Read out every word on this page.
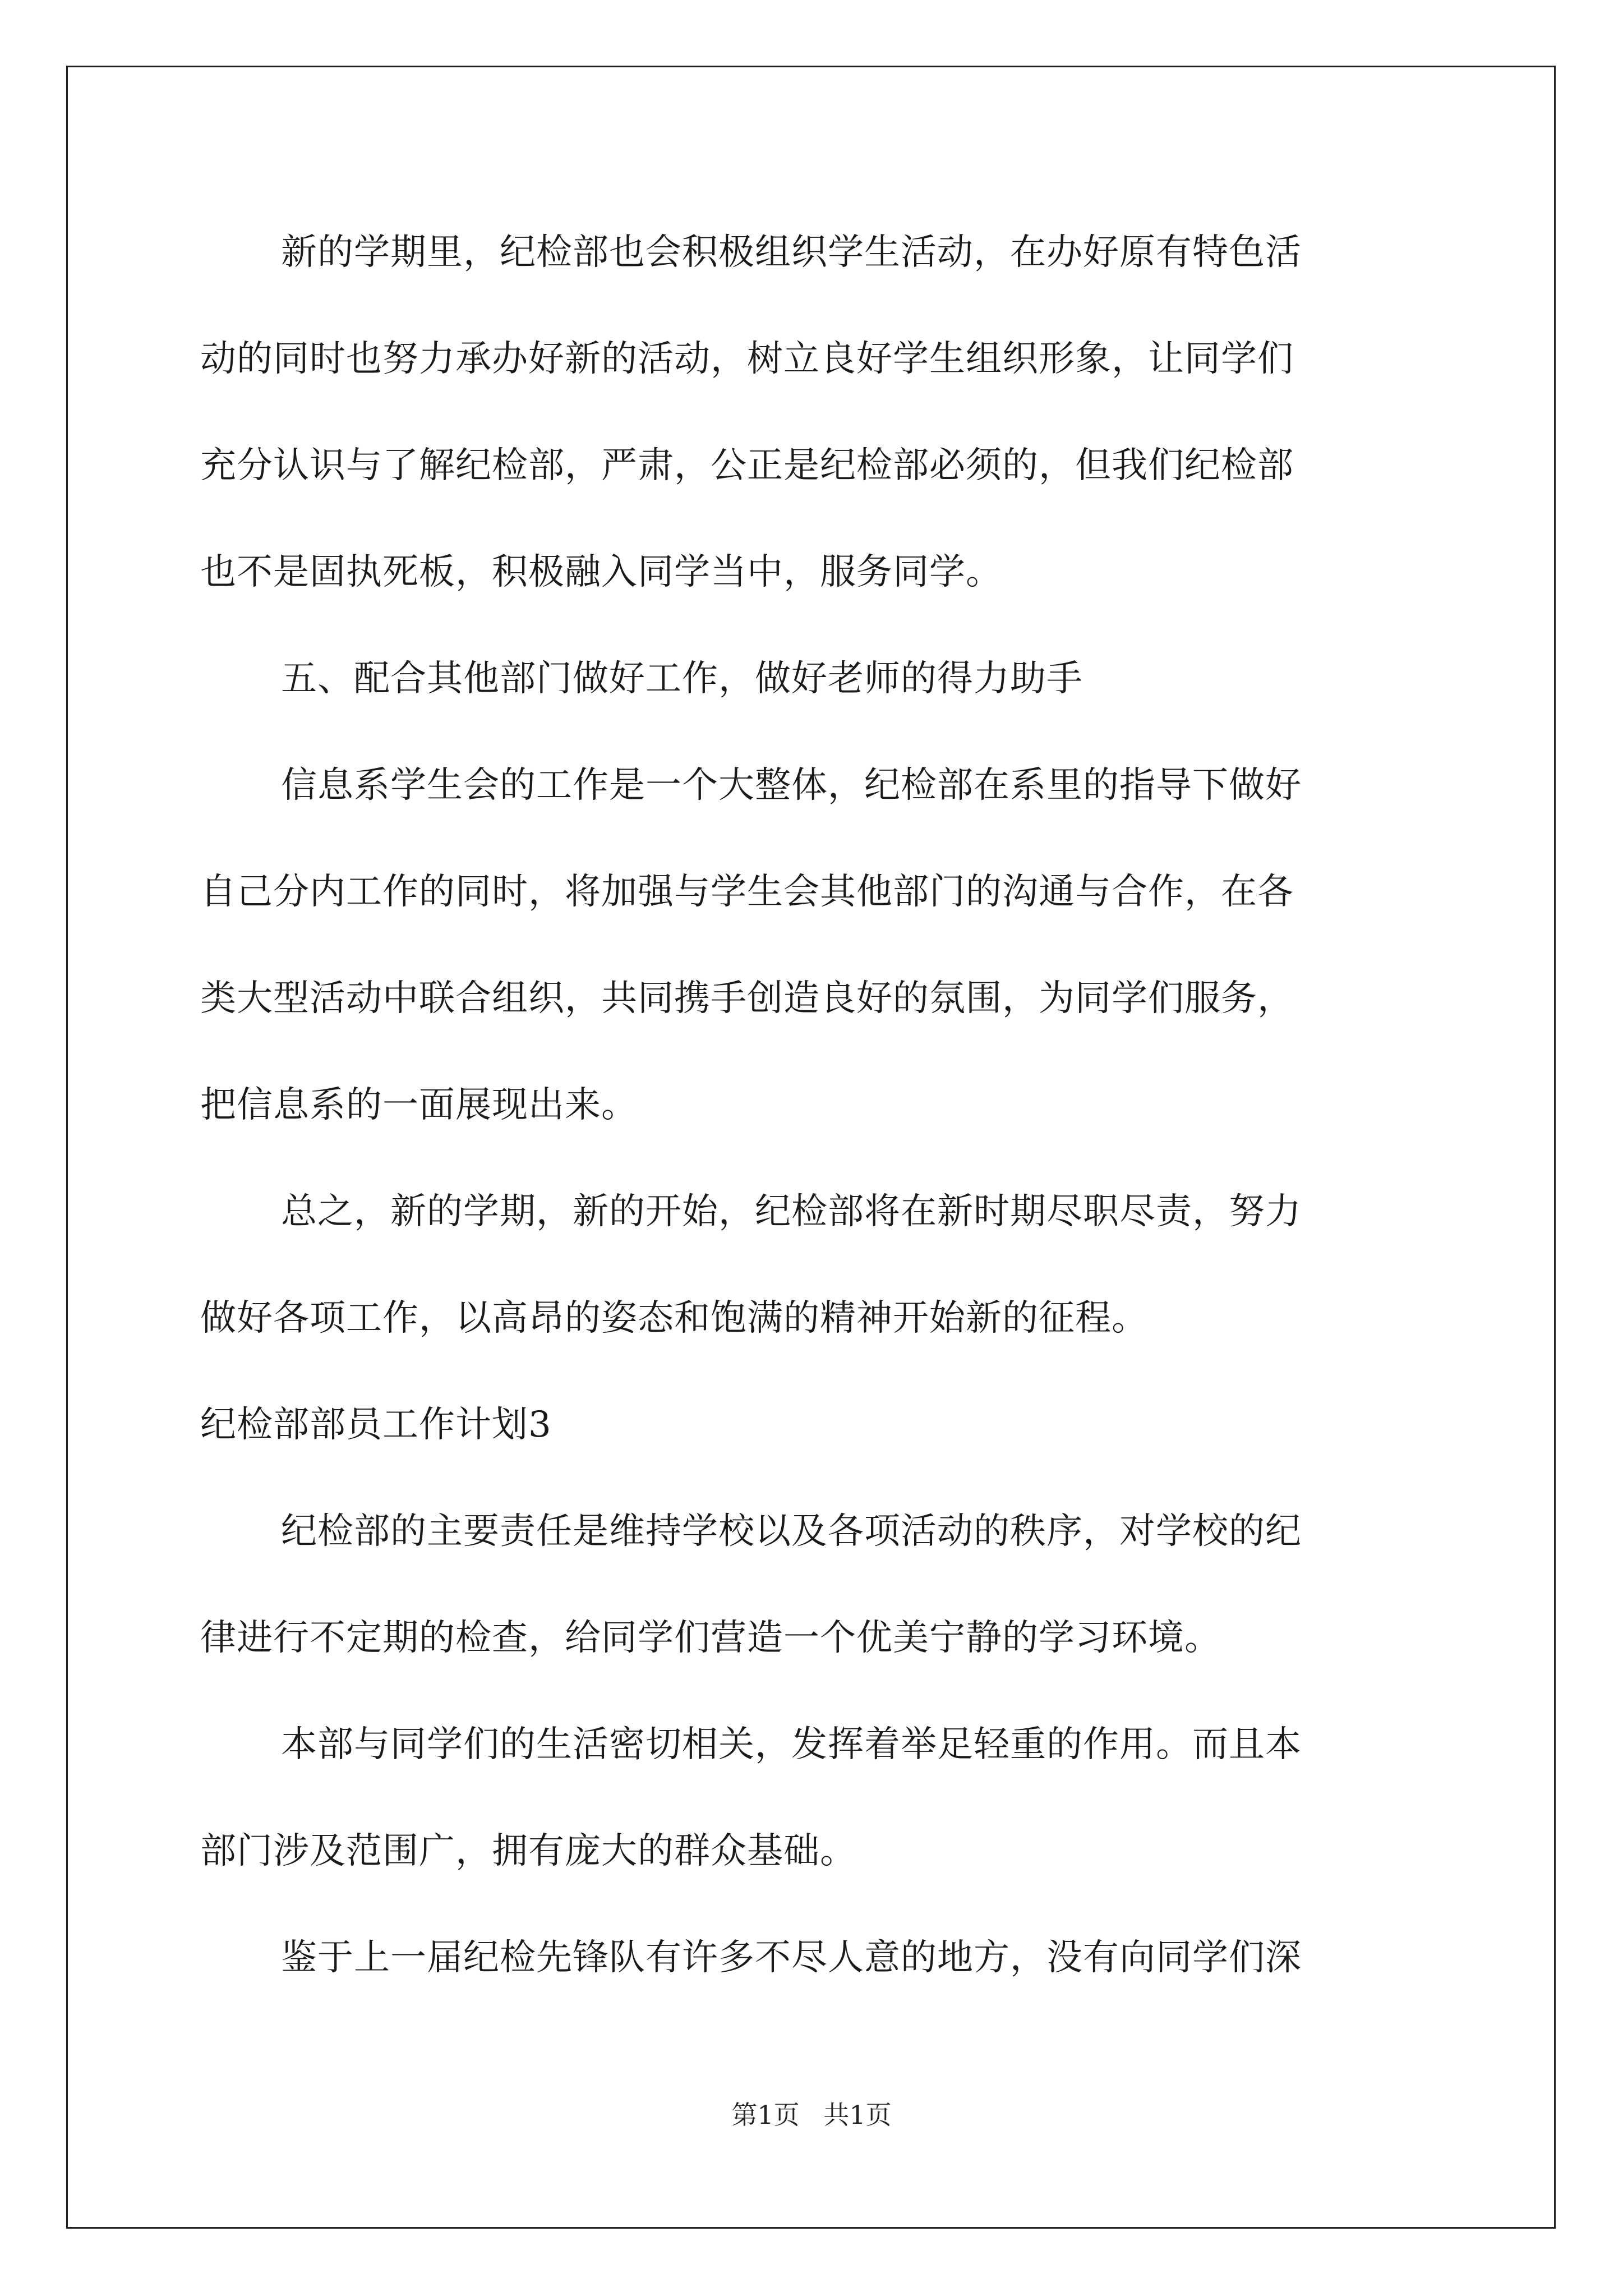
新的学期里，纪检部也会积极组织学生活动，在办好原有特色活
动的同时也努力承办好新的活动，树立良好学生组织形象，让同学们
充分认识与了解纪检部，严肃，公正是纪检部必须的，但我们纪检部
也不是固执死板，积极融入同学当中，服务同学。
五、配合其他部门做好工作，做好老师的得力助手
信息系学生会的工作是一个大整体，纪检部在系里的指导下做好
自己分内工作的同时，将加强与学生会其他部门的沟通与合作，在各
类大型活动中联合组织，共同携手创造良好的氛围，为同学们服务，
把信息系的一面展现出来。
总之，新的学期，新的开始，纪检部将在新时期尽职尽责，努力
做好各项工作，以高昂的姿态和饱满的精神开始新的征程。
纪检部部员工作计划3
纪检部的主要责任是维持学校以及各项活动的秩序，对学校的纪
律进行不定期的检查，给同学们营造一个优美宁静的学习环境。
本部与同学们的生活密切相关，发挥着举足轻重的作用。而且本
部门涉及范围广，拥有庞大的群众基础。
鉴于上一届纪检先锋队有许多不尽人意的地方，没有向同学们深
第1页 共1页
